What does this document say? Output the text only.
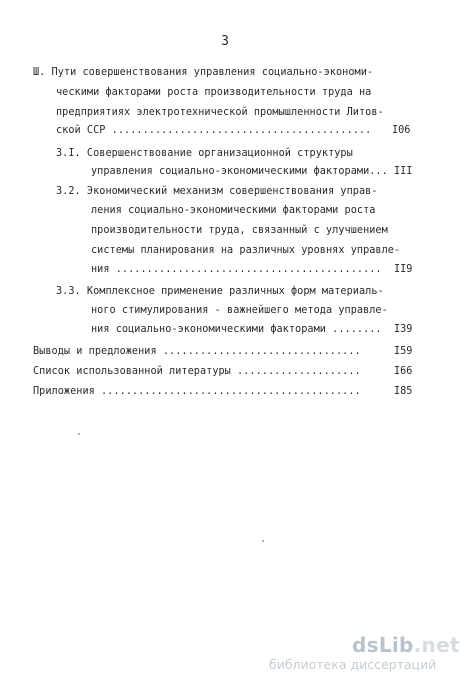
3
Ш. Пути совершенствования управления социально-экономи-
ческими факторами роста производительности труда на
предприятиях электротехнической промышленности Литов-
ской ССР .......................................... I06
3.I. Совершенствование организационной структуры
управления социально-экономическими факторами... III
3.2. Экономический механизм совершенствования управ-
ления социально-экономическими факторами роста
производительности труда, связанный с улучшением
системы планирования на различных уровнях управле-
ния ........................................... II9
3.3. Комплексное применение различных форм материаль-
ного стимулирования - важнейшего метода управле-
ния социально-экономическими факторами ........ I39
Выводы и предложения ................................	I59
Список использованной литературы ....................	I66
Приложения ..........................................	I85
dsLib.net
библиотека диссертаций
